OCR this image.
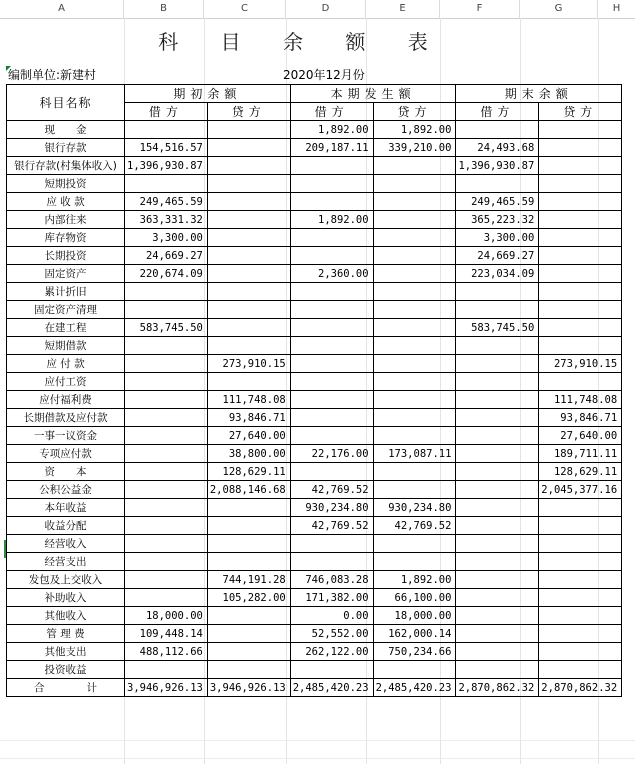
A	B	C	D	E	F	G	H
科 目 余 额 表
编制单位:新建村	2020年12月份
科目名称	期初余额		本期发生额		期末余额	
	借方	贷方	借方	贷方	借方	贷方
现　　金			1,892.00	1,892.00		
银行存款	154,516.57		209,187.11	339,210.00	24,493.68	
银行存款(村集体收入)	1,396,930.87				1,396,930.87	
短期投资						
应 收 款	249,465.59				249,465.59	
内部往来	363,331.32		1,892.00		365,223.32	
库存物资	3,300.00				3,300.00	
长期投资	24,669.27				24,669.27	
固定资产	220,674.09		2,360.00		223,034.09	
累计折旧						
固定资产清理						
在建工程	583,745.50				583,745.50	
短期借款						
应 付 款		273,910.15				273,910.15
应付工资						
应付福利费		111,748.08				111,748.08
长期借款及应付款		93,846.71				93,846.71
一事一议资金		27,640.00				27,640.00
专项应付款		38,800.00	22,176.00	173,087.11		189,711.11
资　　本		128,629.11				128,629.11
公积公益金		2,088,146.68	42,769.52			2,045,377.16
本年收益			930,234.80	930,234.80		
收益分配			42,769.52	42,769.52		
经营收入						
经营支出						
发包及上交收入		744,191.28	746,083.28	1,892.00		
补助收入		105,282.00	171,382.00	66,100.00		
其他收入	18,000.00		0.00	18,000.00		
管 理 费	109,448.14		52,552.00	162,000.14		
其他支出	488,112.66		262,122.00	750,234.66		
投资收益						
合　　　　计	3,946,926.13	3,946,926.13	2,485,420.23	2,485,420.23	2,870,862.32	2,870,862.32
